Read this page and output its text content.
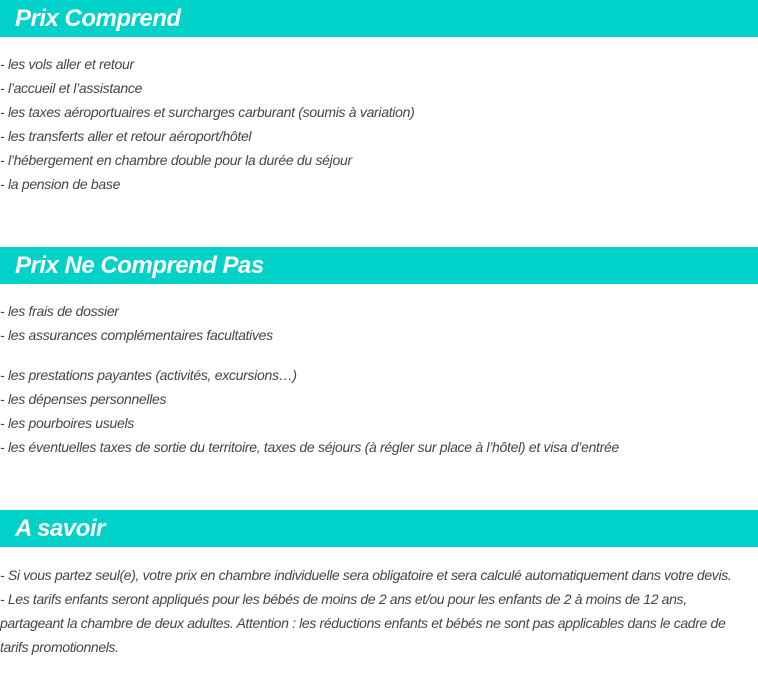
Prix Comprend
- les vols aller et retour
- l’accueil et l’assistance
- les taxes aéroportuaires et surcharges carburant (soumis à variation)
- les transferts aller et retour aéroport/hôtel
- l’hébergement en chambre double pour la durée du séjour
- la pension de base
Prix Ne Comprend Pas
- les frais de dossier
- les assurances complémentaires facultatives
- les prestations payantes (activités, excursions…)
- les dépenses personnelles
- les pourboires usuels
- les éventuelles taxes de sortie du territoire, taxes de séjours (à régler sur place à l’hôtel) et visa d’entrée
A savoir
- Si vous partez seul(e), votre prix en chambre individuelle sera obligatoire et sera calculé automatiquement dans votre devis.
- Les tarifs enfants seront appliqués pour les bébés de moins de 2 ans et/ou pour les enfants de 2 à moins de 12 ans, partageant la chambre de deux adultes. Attention : les réductions enfants et bébés ne sont pas applicables dans le cadre de tarifs promotionnels.
